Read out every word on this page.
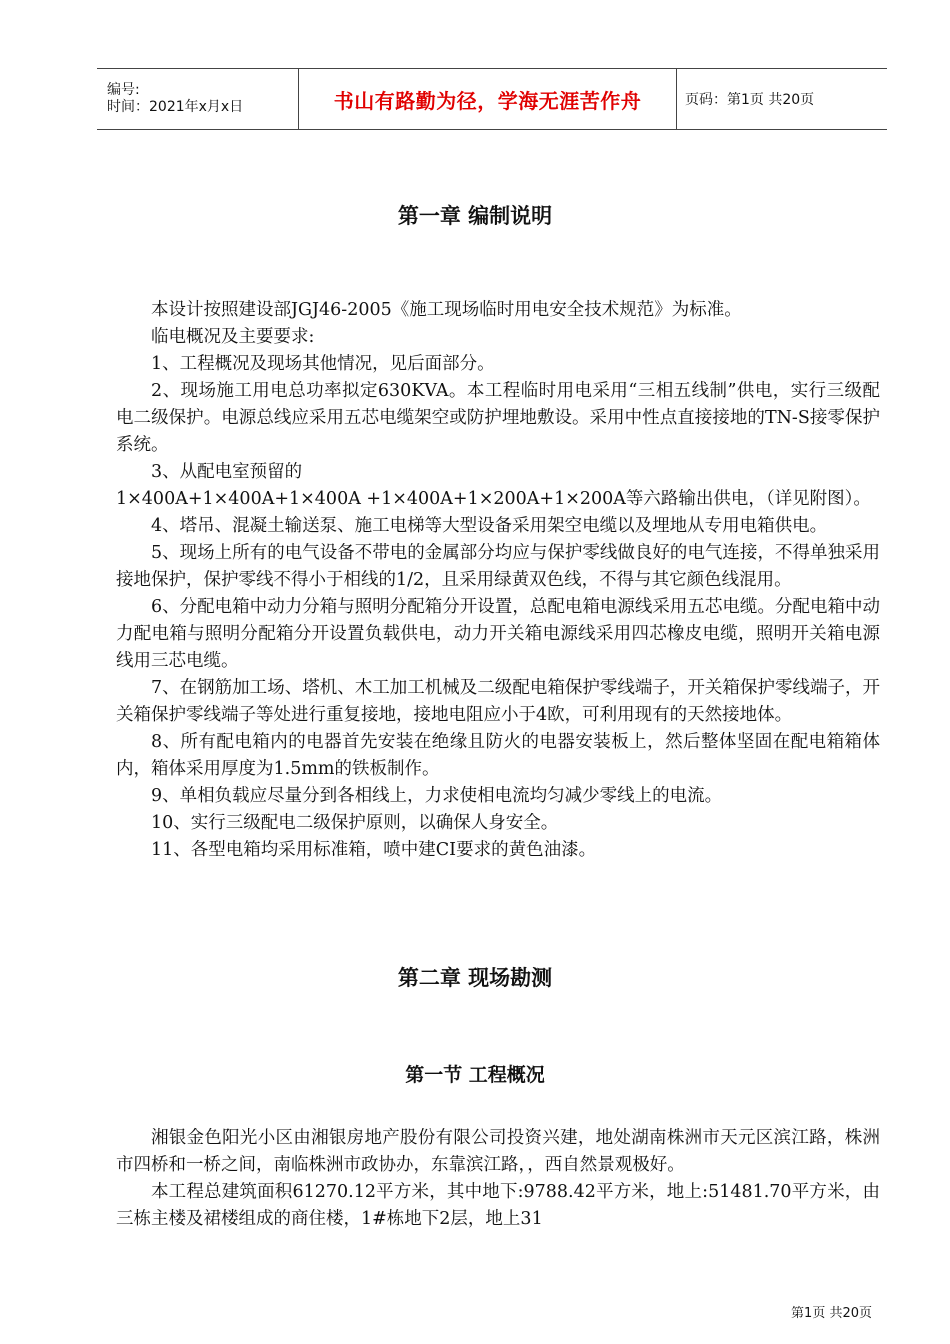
编号:
时间：2021年x月x日	书山有路勤为径，学海无涯苦作舟	页码：第1页 共20页
第一章 编制说明

本设计按照建设部JGJ46-2005《施工现场临时用电安全技术规范》为标准。

临电概况及主要要求:

1、工程概况及现场其他情况，见后面部分。

2、现场施工用电总功率拟定630KVA。本工程临时用电采用“三相五线制”供电，实行三级配电二级保护。电源总线应采用五芯电缆架空或防护埋地敷设。采用中性点直接接地的TN-S接零保护系统。

3、从配电室预留的

1×400A+1×400A+1×400A +1×400A+1×200A+1×200A等六路输出供电，（详见附图）。

4、塔吊、混凝土输送泵、施工电梯等大型设备采用架空电缆以及埋地从专用电箱供电。

5、现场上所有的电气设备不带电的金属部分均应与保护零线做良好的电气连接，不得单独采用接地保护，保护零线不得小于相线的1/2，且采用绿黄双色线，不得与其它颜色线混用。

6、分配电箱中动力分箱与照明分配箱分开设置，总配电箱电源线采用五芯电缆。分配电箱中动力配电箱与照明分配箱分开设置负载供电，动力开关箱电源线采用四芯橡皮电缆，照明开关箱电源线用三芯电缆。

7、在钢筋加工场、塔机、木工加工机械及二级配电箱保护零线端子，开关箱保护零线端子，开关箱保护零线端子等处进行重复接地，接地电阻应小于4欧，可利用现有的天然接地体。

8、所有配电箱内的电器首先安装在绝缘且防火的电器安装板上，然后整体坚固在配电箱箱体内，箱体采用厚度为1.5mm的铁板制作。

9、单相负载应尽量分到各相线上，力求使相电流均匀减少零线上的电流。

10、实行三级配电二级保护原则，以确保人身安全。

11、各型电箱均采用标准箱，喷中建CI要求的黄色油漆。

第二章 现场勘测
第一节 工程概况

湘银金色阳光小区由湘银房地产股份有限公司投资兴建，地处湖南株洲市天元区滨江路，株洲市四桥和一桥之间，南临株洲市政协办，东靠滨江路，，西自然景观极好。

本工程总建筑面积61270.12平方米，其中地下:9788.42平方米，地上:51481.70平方米，由三栋主楼及裙楼组成的商住楼，1#栋地下2层，地上31

第1页 共20页
